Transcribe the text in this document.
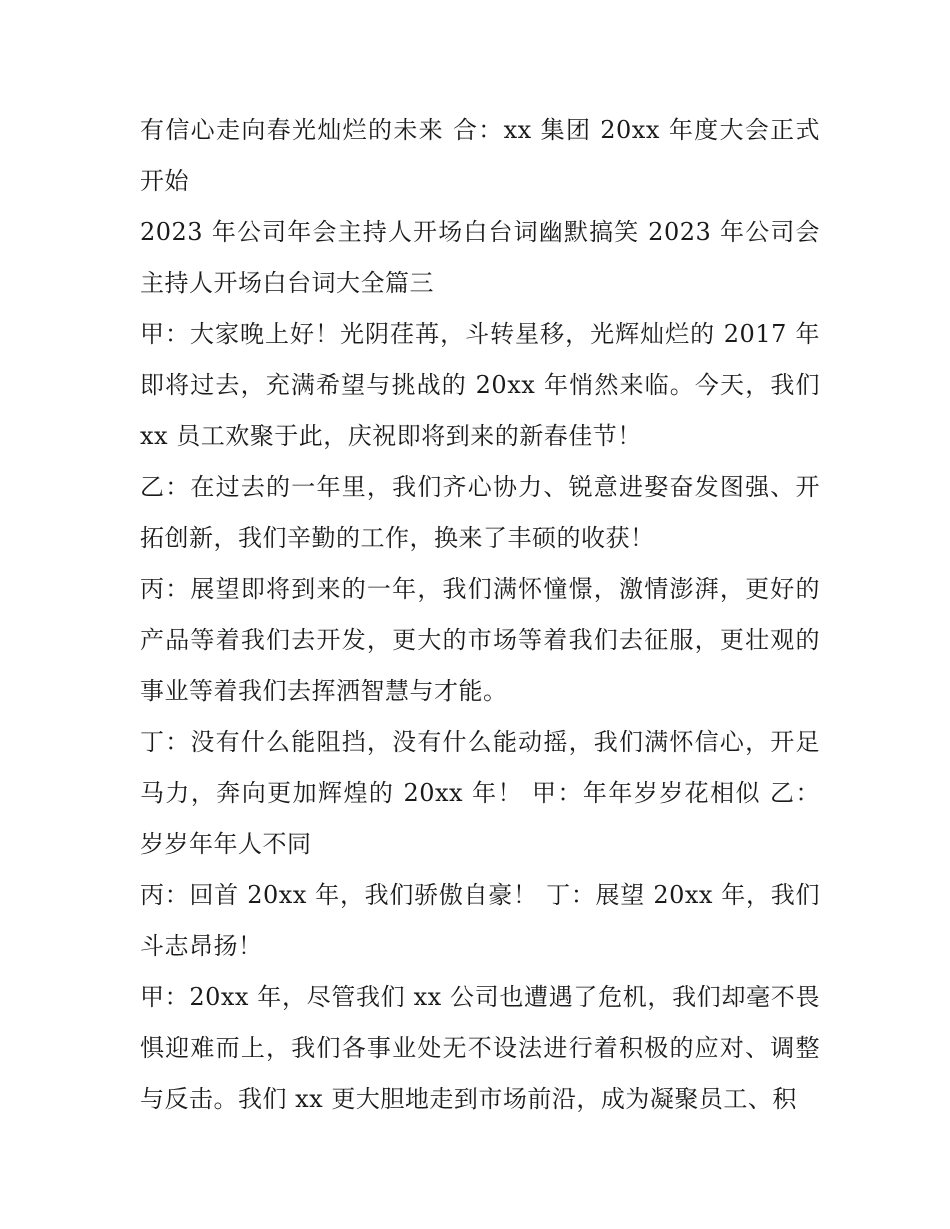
有信心走向春光灿烂的未来 合：xx 集团 20xx 年度大会正式开始

2023 年公司年会主持人开场白台词幽默搞笑 2023 年公司会主持人开场白台词大全篇三

甲：大家晚上好！光阴荏苒，斗转星移，光辉灿烂的 2017 年即将过去，充满希望与挑战的 20xx 年悄然来临。今天，我们 xx 员工欢聚于此，庆祝即将到来的新春佳节！

乙：在过去的一年里，我们齐心协力、锐意进娶奋发图强、开拓创新，我们辛勤的工作，换来了丰硕的收获！

丙：展望即将到来的一年，我们满怀憧憬，激情澎湃，更好的产品等着我们去开发，更大的市场等着我们去征服，更壮观的事业等着我们去挥洒智慧与才能。

丁：没有什么能阻挡，没有什么能动摇，我们满怀信心，开足马力，奔向更加辉煌的 20xx 年！ 甲：年年岁岁花相似 乙：岁岁年年人不同

丙：回首 20xx 年，我们骄傲自豪！ 丁：展望 20xx 年，我们斗志昂扬！

甲：20xx 年，尽管我们 xx 公司也遭遇了危机，我们却毫不畏惧迎难而上，我们各事业处无不设法进行着积极的应对、调整与反击。我们 xx 更大胆地走到市场前沿，成为凝聚员工、积
